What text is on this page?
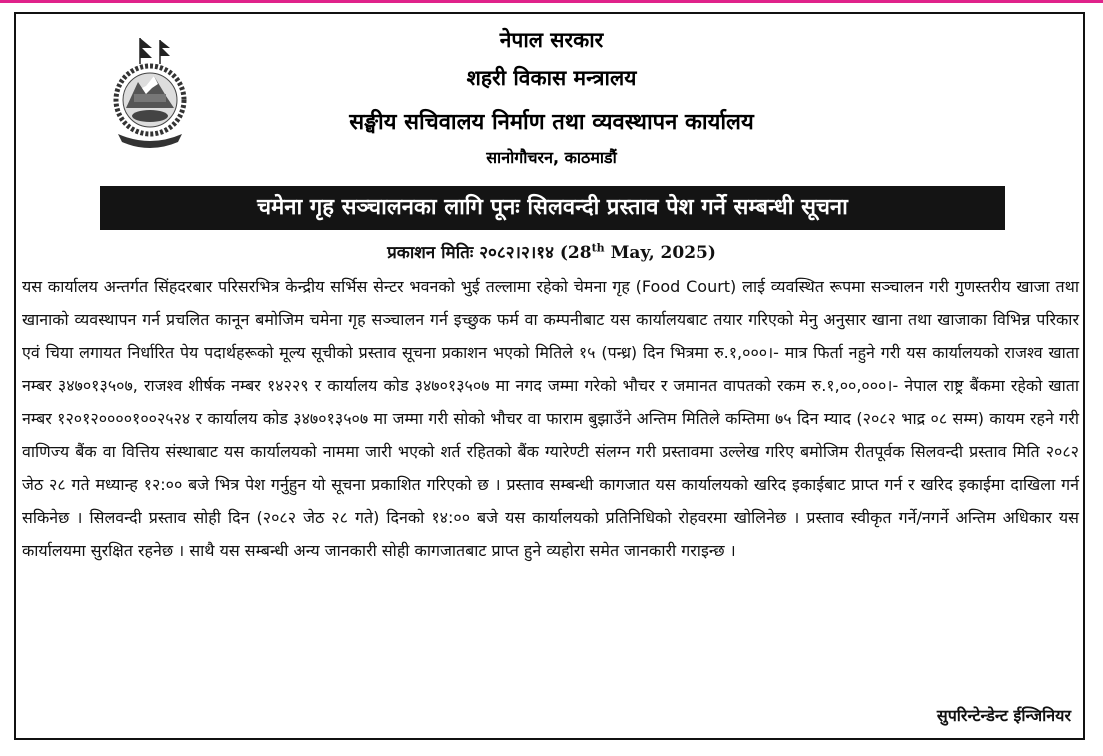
नेपाल सरकार
शहरी विकास मन्त्रालय
सङ्घीय सचिवालय निर्माण तथा व्यवस्थापन कार्यालय
सानोगौचरन, काठमाडौं
चमेना गृह सञ्चालनका लागि पूनः सिलवन्दी प्रस्ताव पेश गर्ने सम्बन्धी सूचना
प्रकाशन मितिः २०८२।२।१४ (28th May, 2025)
यस कार्यालय अन्तर्गत सिंहदरबार परिसरभित्र केन्द्रीय सर्भिस सेन्टर भवनको भुई तल्लामा रहेको चेमना गृह (Food Court) लाई व्यवस्थित रूपमा सञ्चालन गरी गुणस्तरीय खाजा तथा खानाको व्यवस्थापन गर्न प्रचलित कानून बमोजिम चमेना गृह सञ्चालन गर्न इच्छुक फर्म वा कम्पनीबाट यस कार्यालयबाट तयार गरिएको मेनु अनुसार खाना तथा खाजाका विभिन्न परिकार एवं चिया लगायत निर्धारित पेय पदार्थहरूको मूल्य सूचीको प्रस्ताव सूचना प्रकाशन भएको मितिले १५ (पन्ध्र) दिन भित्रमा रु.१,०००।- मात्र फिर्ता नहुने गरी यस कार्यालयको राजश्व खाता नम्बर ३४७०१३५०७, राजश्व शीर्षक नम्बर १४२२९ र कार्यालय कोड ३४७०१३५०७ मा नगद जम्मा गरेको भौचर र जमानत वापतको रकम रु.१,००,०००।- नेपाल राष्ट्र बैंकमा रहेको खाता नम्बर १२०१२००००१००२५२४ र कार्यालय कोड ३४७०१३५०७ मा जम्मा गरी सोको भौचर वा फाराम बुझाउँने अन्तिम मितिले कम्तिमा ७५ दिन म्याद (२०८२ भाद्र ०८ सम्म) कायम रहने गरी वाणिज्य बैंक वा वित्तिय संस्थाबाट यस कार्यालयको नाममा जारी भएको शर्त रहितको बैंक ग्यारेण्टी संलग्न गरी प्रस्तावमा उल्लेख गरिए बमोजिम रीतपूर्वक सिलवन्दी प्रस्ताव मिति २०८२ जेठ २८ गते मध्यान्ह १२:०० बजे भित्र पेश गर्नुहुन यो सूचना प्रकाशित गरिएको छ । प्रस्ताव सम्बन्धी कागजात यस कार्यालयको खरिद इकाईबाट प्राप्त गर्न र खरिद इकाईमा दाखिला गर्न सकिनेछ । सिलवन्दी प्रस्ताव सोही दिन (२०८२ जेठ २८ गते) दिनको १४:०० बजे यस कार्यालयको प्रतिनिधिको रोहवरमा खोलिनेछ । प्रस्ताव स्वीकृत गर्ने/नगर्ने अन्तिम अधिकार यस कार्यालयमा सुरक्षित रहनेछ । साथै यस सम्बन्धी अन्य जानकारी सोही कागजातबाट प्राप्त हुने व्यहोरा समेत जानकारी गराइन्छ ।
सुपरिन्टेन्डेन्ट ईन्जिनियर
